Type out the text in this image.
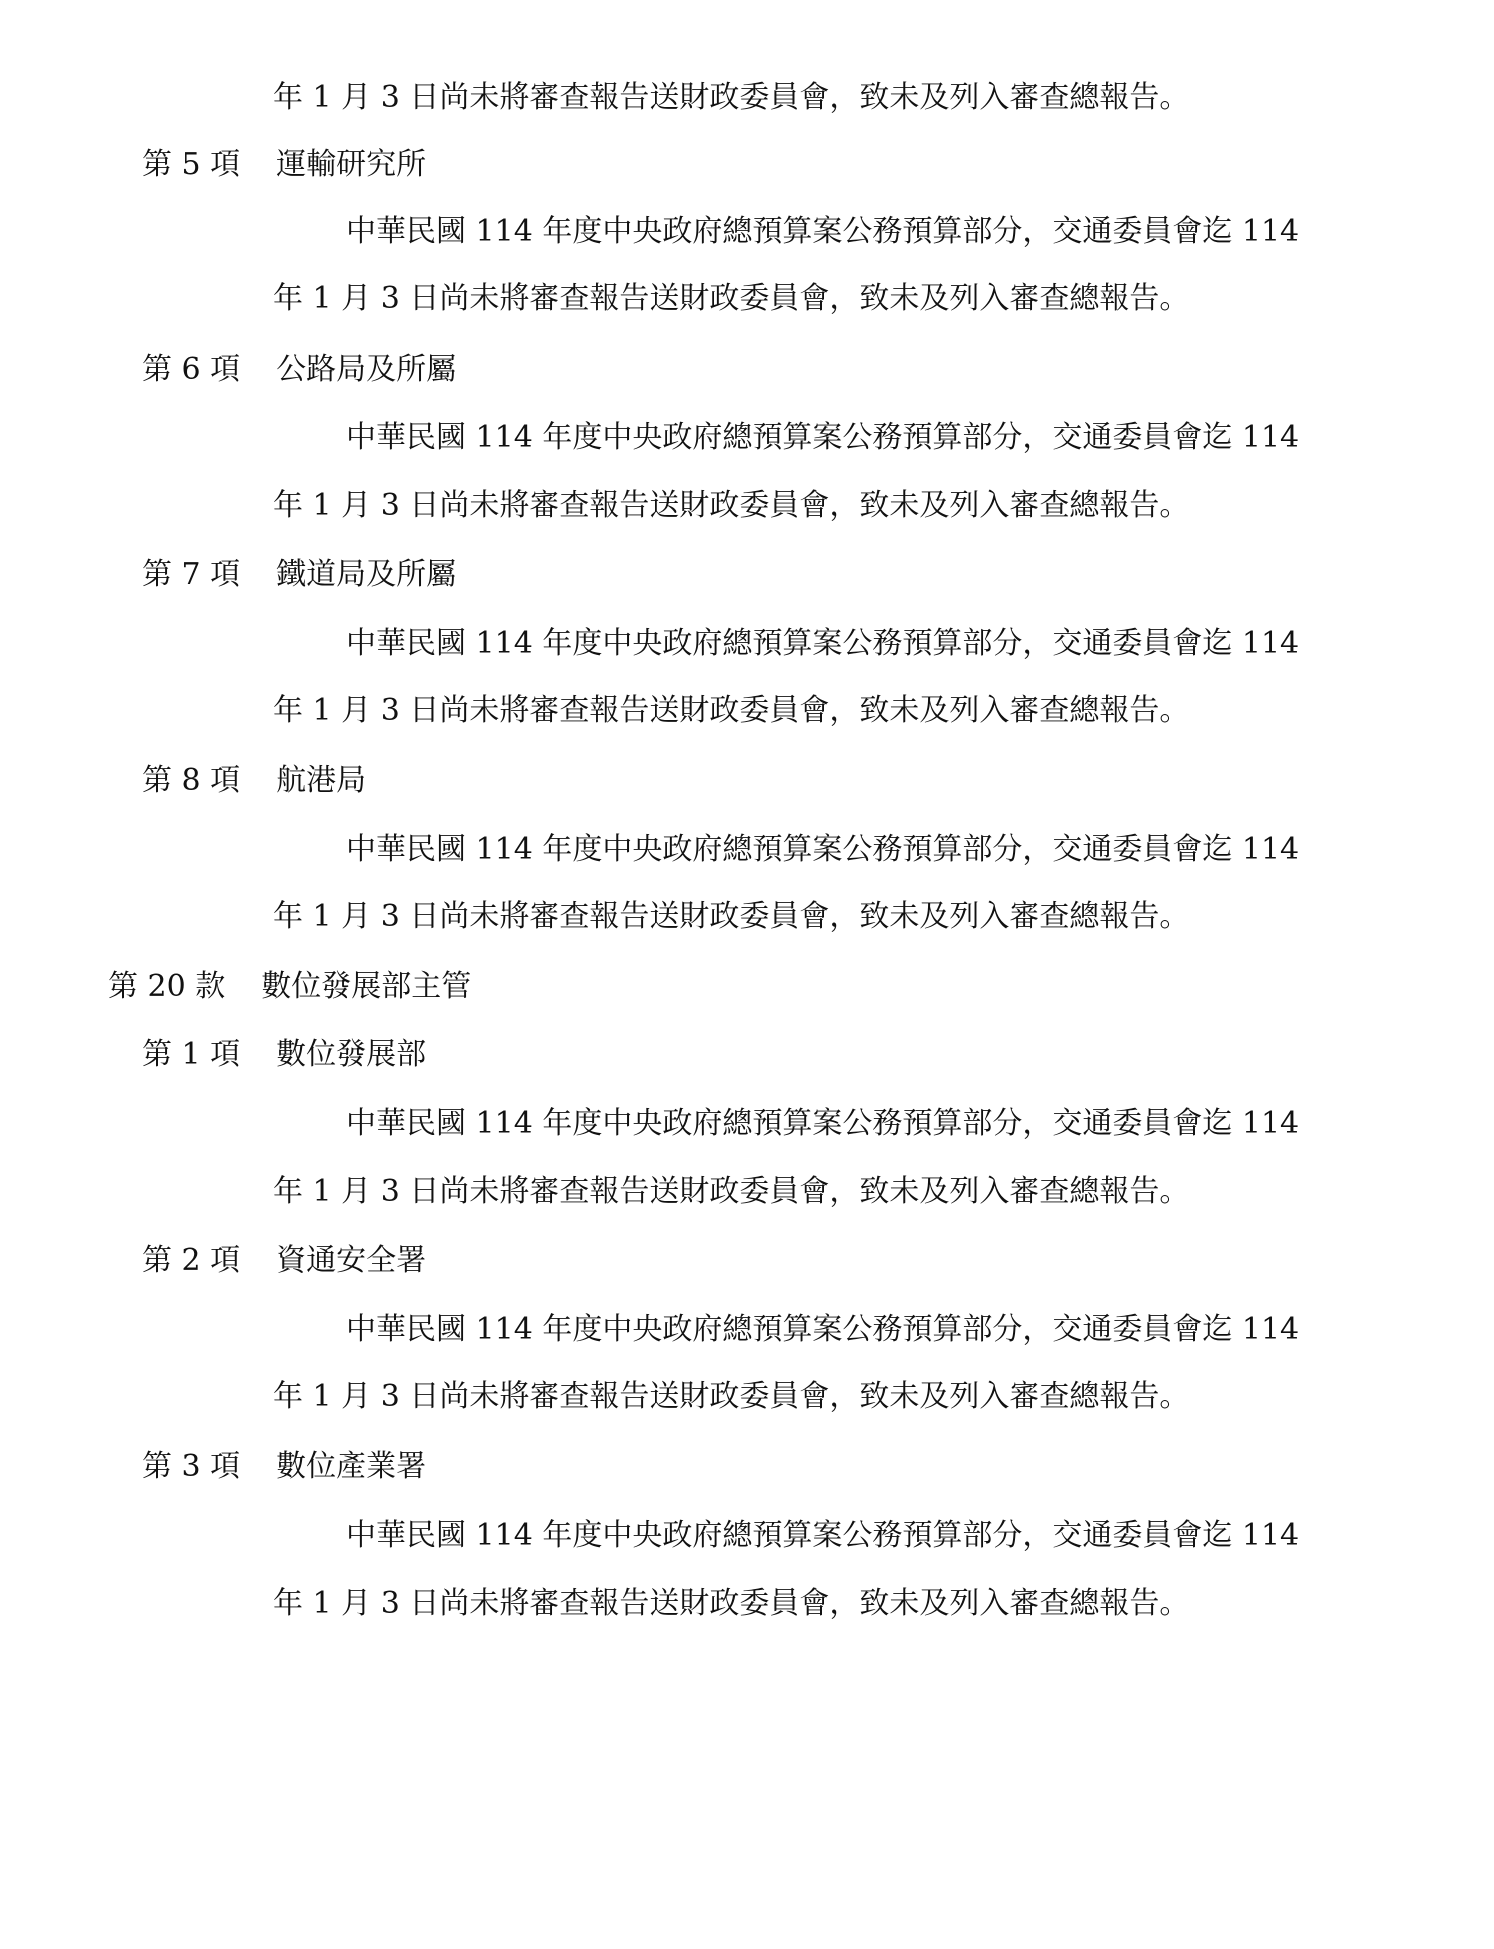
年 1 月 3 日尚未將審查報告送財政委員會，致未及列入審查總報告。
第 5 項 運輸研究所
中華民國 114 年度中央政府總預算案公務預算部分，交通委員會迄 114
年 1 月 3 日尚未將審查報告送財政委員會，致未及列入審查總報告。
第 6 項 公路局及所屬
中華民國 114 年度中央政府總預算案公務預算部分，交通委員會迄 114
年 1 月 3 日尚未將審查報告送財政委員會，致未及列入審查總報告。
第 7 項 鐵道局及所屬
中華民國 114 年度中央政府總預算案公務預算部分，交通委員會迄 114
年 1 月 3 日尚未將審查報告送財政委員會，致未及列入審查總報告。
第 8 項 航港局
中華民國 114 年度中央政府總預算案公務預算部分，交通委員會迄 114
年 1 月 3 日尚未將審查報告送財政委員會，致未及列入審查總報告。
第 20 款 數位發展部主管
第 1 項 數位發展部
中華民國 114 年度中央政府總預算案公務預算部分，交通委員會迄 114
年 1 月 3 日尚未將審查報告送財政委員會，致未及列入審查總報告。
第 2 項 資通安全署
中華民國 114 年度中央政府總預算案公務預算部分，交通委員會迄 114
年 1 月 3 日尚未將審查報告送財政委員會，致未及列入審查總報告。
第 3 項 數位產業署
中華民國 114 年度中央政府總預算案公務預算部分，交通委員會迄 114
年 1 月 3 日尚未將審查報告送財政委員會，致未及列入審查總報告。
